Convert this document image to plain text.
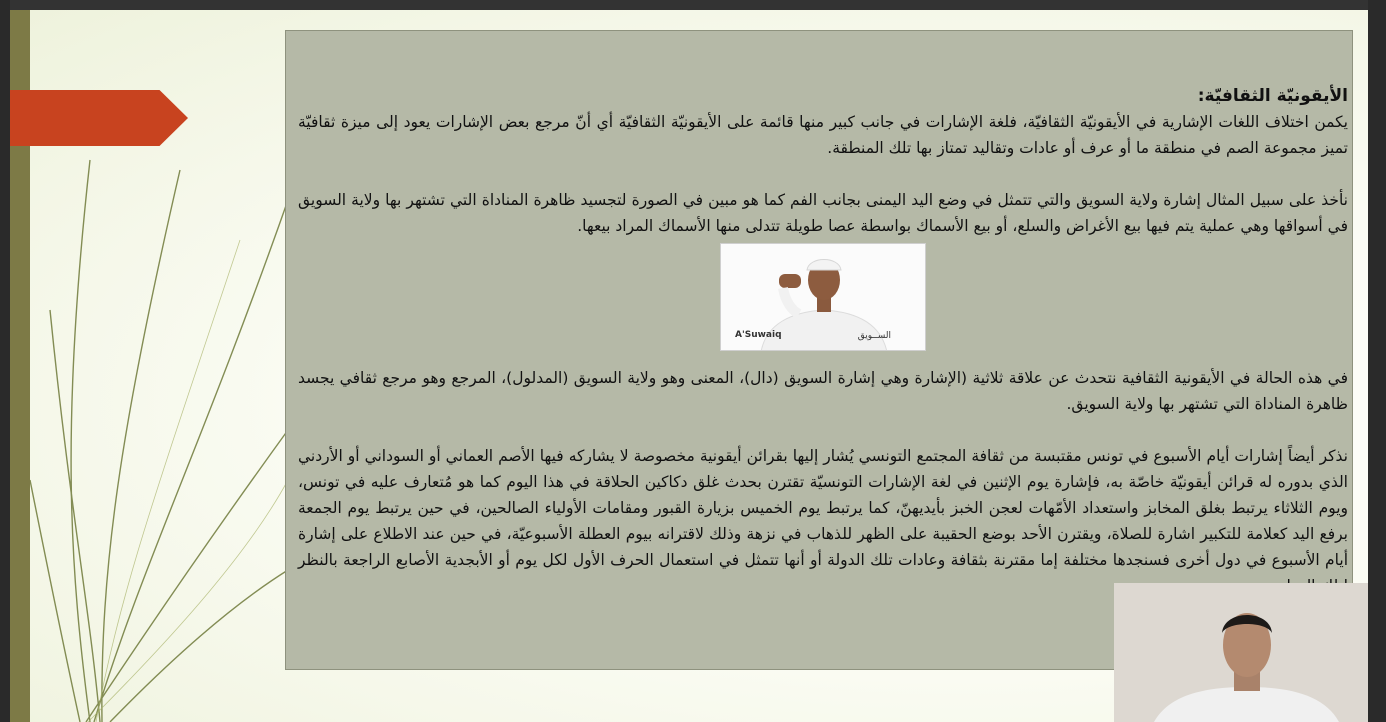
الأيقونيّة الثقافيّة:

يكمن اختلاف اللغات الإشارية في الأيقونيّة الثقافيّة، فلغة الإشارات في جانب كبير منها قائمة على الأيقونيّة الثقافيّة أي أنّ مرجع بعض الإشارات يعود إلى ميزة ثقافيّة تميز مجموعة الصم في منطقة ما أو عرف أو عادات وتقاليد تمتاز بها تلك المنطقة.

نأخذ على سبيل المثال إشارة ولاية السويق والتي تتمثل في وضع اليد اليمنى بجانب الفم كما هو مبين في الصورة لتجسيد ظاهرة المناداة التي تشتهر بها ولاية السويق في أسواقها وهي عملية يتم فيها بيع الأغراض والسلع، أو بيع الأسماك بواسطة عصا طويلة تتدلى منها الأسماك المراد بيعها.

A'Suwaiq	الســويق

في هذه الحالة في الأيقونية الثقافية نتحدث عن علاقة ثلاثية (الإشارة وهي إشارة السويق (دال)، المعنى وهو ولاية السويق (المدلول)، المرجع وهو مرجع ثقافي يجسد ظاهرة المناداة التي تشتهر بها ولاية السويق.

نذكر أيضاً إشارات أيام الأسبوع في تونس مقتبسة من ثقافة المجتمع التونسي يُشار إليها بقرائن أيقونية مخصوصة لا يشاركه فيها الأصم العماني أو السوداني أو الأردني الذي بدوره له قرائن أيقونيّة خاصّة به، فإشارة يوم الإثنين في لغة الإشارات التونسيّة تقترن بحدث غلق دكاكين الحلاقة في هذا اليوم كما هو مُتعارف عليه في تونس، ويوم الثلاثاء يرتبط بغلق المخابز واستعداد الأمّهات لعجن الخبز بأيديهنّ، كما يرتبط يوم الخميس بزيارة القبور ومقامات الأولياء الصالحين، في حين يرتبط يوم الجمعة برفع اليد كعلامة للتكبير اشارة للصلاة، ويقترن الأحد بوضع الحقيبة على الظهر للذهاب في نزهة وذلك لاقترانه بيوم العطلة الأسبوعيّة، في حين عند الاطلاع على إشارة أيام الأسبوع في دول أخرى فسنجدها مختلفة إما مقترنة بثقافة وعادات تلك الدولة أو أنها تتمثل في استعمال الحرف الأول لكل يوم أو الأبجدية الأصابع الراجعة بالنظر
